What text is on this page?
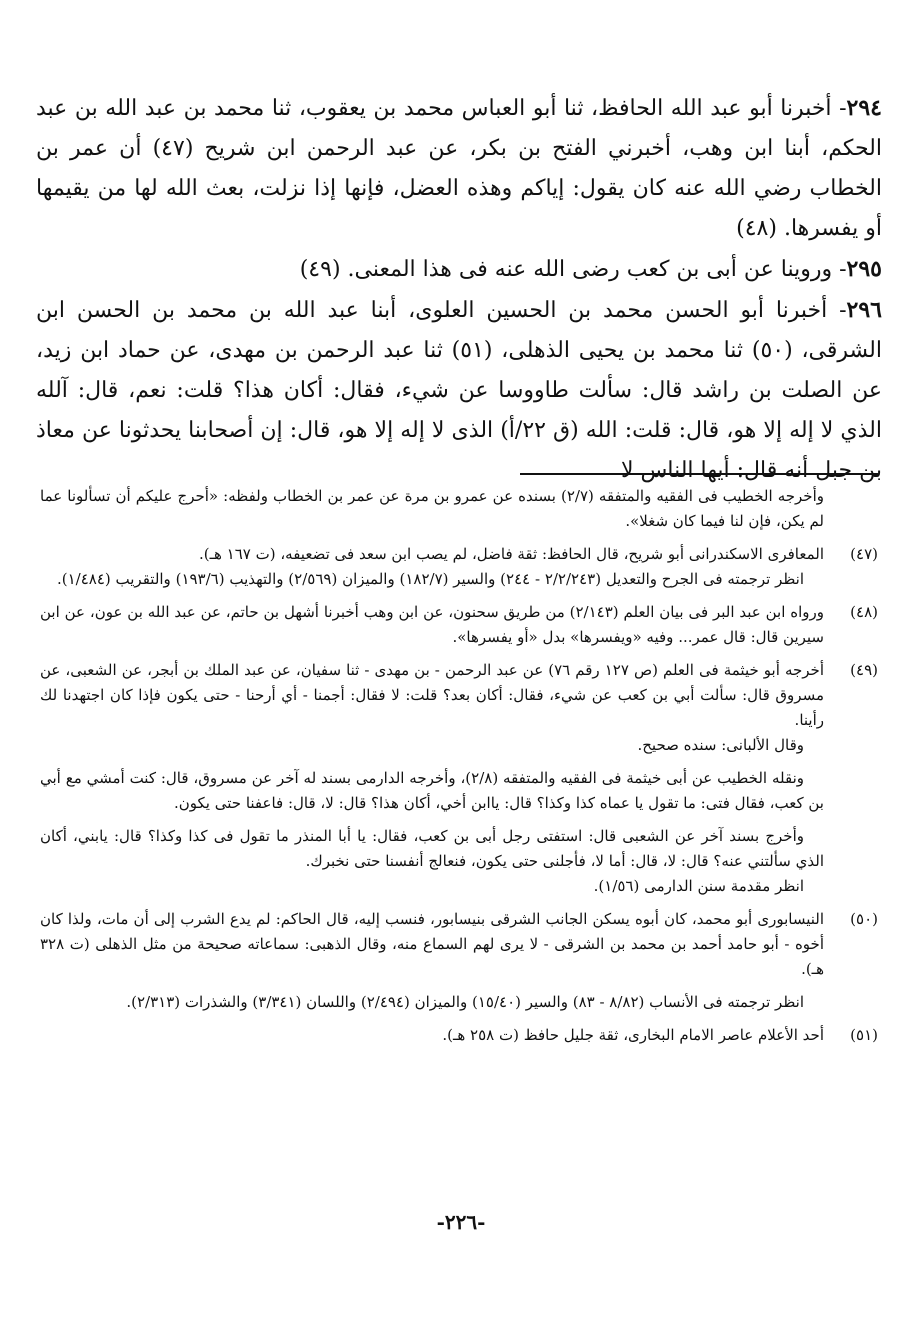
٢٩٤- أخبرنا أبو عبد الله الحافظ، ثنا أبو العباس محمد بن يعقوب، ثنا محمد بن عبد الله بن عبد الحكم، أبنا ابن وهب، أخبرني الفتح بن بكر، عن عبد الرحمن ابن شريح (٤٧) أن عمر بن الخطاب رضي الله عنه كان يقول: إياكم وهذه العضل، فإنها إذا نزلت، بعث الله لها من يقيمها أو يفسرها. (٤٨)

٢٩٥- وروينا عن أبى بن كعب رضى الله عنه فى هذا المعنى. (٤٩)

٢٩٦- أخبرنا أبو الحسن محمد بن الحسين العلوى، أبنا عبد الله بن محمد بن الحسن ابن الشرقى، (٥٠) ثنا محمد بن يحيى الذهلى، (٥١) ثنا عبد الرحمن بن مهدى، عن حماد ابن زيد، عن الصلت بن راشد قال: سألت طاووسا عن شيء، فقال: أكان هذا؟ قلت: نعم، قال: آلله الذي لا إله إلا هو، قال: قلت: الله (ق ٢٢/أ) الذى لا إله إلا هو، قال: إن أصحابنا يحدثونا عن معاذ بن جبل أنه قال: أيها الناس لا

وأخرجه الخطيب فى الفقيه والمتفقه (٢/٧) بسنده عن عمرو بن مرة عن عمر بن الخطاب ولفظه: «أحرج عليكم أن تسألونا عما لم يكن، فإن لنا فيما كان شغلا».

(٤٧)

المعافرى الاسكندرانى أبو شريح، قال الحافظ: ثقة فاضل، لم يصب ابن سعد فى تضعيفه، (ت ١٦٧ هـ).

انظر ترجمته فى الجرح والتعديل (٢/٢/٢٤٣ - ٢٤٤) والسير (١٨٢/٧) والميزان (٢/٥٦٩) والتهذيب (١٩٣/٦) والتقريب (١/٤٨٤).

(٤٨)

ورواه ابن عبد البر فى بيان العلم (٢/١٤٣) من طريق سحنون، عن ابن وهب أخبرنا أشهل بن حاتم، عن عبد الله بن عون، عن ابن سيرين قال: قال عمر... وفيه «ويفسرها» بدل «أو يفسرها».

(٤٩)

أخرجه أبو خيثمة فى العلم (ص ١٢٧ رقم ٧٦) عن عبد الرحمن - بن مهدى - ثنا سفيان، عن عبد الملك بن أبجر، عن الشعبى، عن مسروق قال: سألت أبي بن كعب عن شيء، فقال: أكان بعد؟ قلت: لا فقال: أجمنا - أي أرحنا - حتى يكون فإذا كان اجتهدنا لك رأينا.

وقال الألبانى: سنده صحيح.

ونقله الخطيب عن أبى خيثمة فى الفقيه والمتفقه (٢/٨)، وأخرجه الدارمى بسند له آخر عن مسروق، قال: كنت أمشي مع أبي بن كعب، فقال فتى: ما تقول يا عماه كذا وكذا؟ قال: ياابن أخي، أكان هذا؟ قال: لا، قال: فاعفنا حتى يكون.

وأخرج بسند آخر عن الشعبى قال: استفتى رجل أبى بن كعب، فقال: يا أبا المنذر ما تقول فى كذا وكذا؟ قال: يابني، أكان الذي سألتني عنه؟ قال: لا، قال: أما لا، فأجلنى حتى يكون، فنعالج أنفسنا حتى نخبرك.

انظر مقدمة سنن الدارمى (١/٥٦).

(٥٠)

النيسابورى أبو محمد، كان أبوه يسكن الجانب الشرقى بنيسابور، فنسب إليه، قال الحاكم: لم يدع الشرب إلى أن مات، ولذا كان أخوه - أبو حامد أحمد بن محمد بن الشرقى - لا يرى لهم السماع منه، وقال الذهبى: سماعاته صحيحة من مثل الذهلى (ت ٣٢٨ هـ).

انظر ترجمته فى الأنساب (٨/٨٢ - ٨٣) والسير (١٥/٤٠) والميزان (٢/٤٩٤) واللسان (٣/٣٤١) والشذرات (٢/٣١٣).

(٥١)

أحد الأعلام عاصر الامام البخارى، ثقة جليل حافظ (ت ٢٥٨ هـ).

-٢٢٦-
